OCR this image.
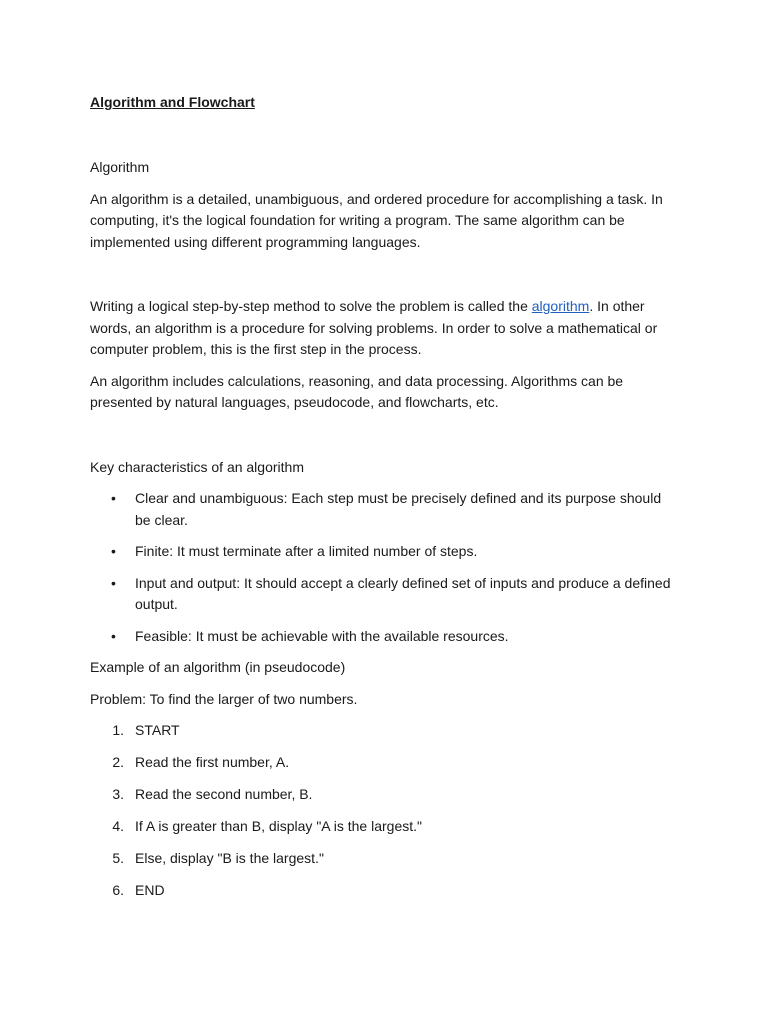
Algorithm and Flowchart

Algorithm

An algorithm is a detailed, unambiguous, and ordered procedure for accomplishing a task. In computing, it's the logical foundation for writing a program. The same algorithm can be implemented using different programming languages.

Writing a logical step-by-step method to solve the problem is called the algorithm. In other words, an algorithm is a procedure for solving problems. In order to solve a mathematical or computer problem, this is the first step in the process.

An algorithm includes calculations, reasoning, and data processing. Algorithms can be presented by natural languages, pseudocode, and flowcharts, etc.

Key characteristics of an algorithm

• Clear and unambiguous: Each step must be precisely defined and its purpose should be clear.
• Finite: It must terminate after a limited number of steps.
• Input and output: It should accept a clearly defined set of inputs and produce a defined output.
• Feasible: It must be achievable with the available resources.

Example of an algorithm (in pseudocode)

Problem: To find the larger of two numbers.

1. START
2. Read the first number, A.
3. Read the second number, B.
4. If A is greater than B, display "A is the largest."
5. Else, display "B is the largest."
6. END
